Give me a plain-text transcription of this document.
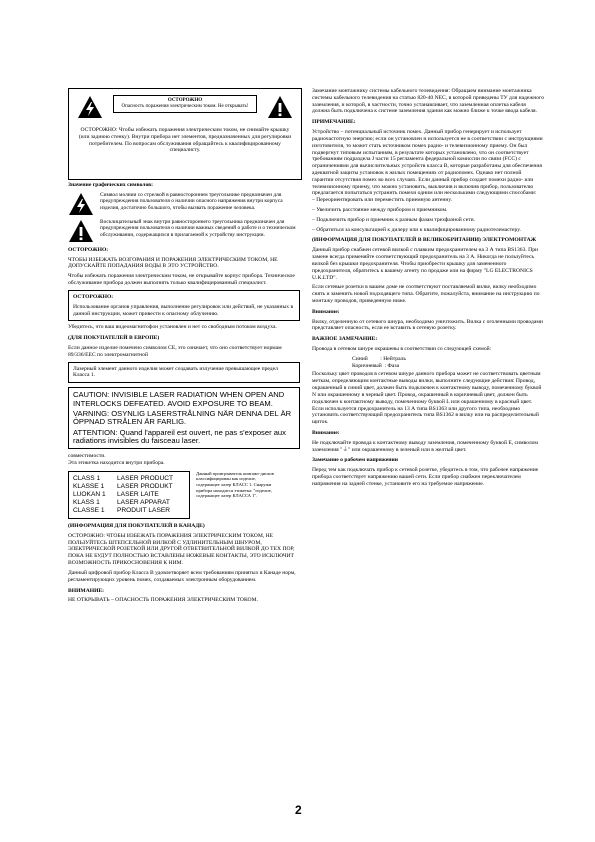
ОСТОРОЖНО
Опасность поражения электрическим током. Не открывать!
ОСТОРОЖНО: Чтобы избежать поражения электрическим током, не снимайте крышку (или заднюю стенку). Внутри прибора нет элементов, предназначенных для регулировки потребителем. По вопросам обслуживания обращайтесь к квалифицированному специалисту.

Значение графических символов:

Символ молнии со стрелкой в равностороннем треугольнике предназначен для предупреждения пользователя о наличии опасного напряжения внутри корпуса изделия, достаточно большого, чтобы вызвать поражение человека.
Восклицательный знак внутри равностороннего треугольника предназначен для предупреждения пользователя о наличии важных сведений о работе и о техническом обслуживании, содержащихся в прилагаемой к устройству инструкции.

ОСТОРОЖНО:

ЧТОБЫ ИЗБЕЖАТЬ ВОЗГОРАНИЯ И ПОРАЖЕНИЯ ЭЛЕКТРИЧЕСКИМ ТОКОМ, НЕ ДОПУСКАЙТЕ ПОПАДАНИЯ ВОДЫ В ЭТО УСТРОЙСТВО.

Чтобы избежать поражения электрическим током, не открывайте корпус прибора. Техническое обслуживание прибора должен выполнять только квалифицированный специалист.

ОСТОРОЖНО:

Использование органов управления, выполнение регулировок или действий, не указанных в данной инструкции, может привести к опасному облучению.

Убедитесь, что ваш видеомагнитофон установлен и нет со свободным потоком воздуха.

(ДЛЯ ПОКУПАТЕЛЕЙ В ЕВРОПЕ)

Если данное изделие помечено символом CE, это означает, что оно соответствует нормам 89/336/EEC по электромагнитной

Лазерный элемент данного изделия может создавать излучение превышающее предел Класса 1.

CAUTION: INVISIBLE LASER RADIATION WHEN OPEN AND INTERLOCKS DEFEATED. AVOID EXPOSURE TO BEAM.

VARNING: OSYNLIG LASERSTRÅLNING NÄR DENNA DEL ÄR ÖPPNAD STRÅLEN ÄR FARLIG.

ATTENTION: Quand l'appareil est ouvert, ne pas s'exposer aux radiations invisibles du faisceau laser.

совместимости.

Эта этикетка находится внутри прибора.

CLASS 1	LASER PRODUCT
KLASSE 1	LASER PRODUKT
LUOKAN 1	LASER LAITE
KLASS 1	LASER APPARAT
CLASSE 1	PRODUIT LASER
Данный проигрыватель компакт-дисков классифицирован как изделие, содержащее лазер КЛАСС 1. Снаружи прибора находится этикетка: "изделие, содержащее лазер КЛАССА 1".

(ИНФОРМАЦИЯ ДЛЯ ПОКУПАТЕЛЕЙ В КАНАДЕ)

ОСТОРОЖНО: ЧТОБЫ ИЗБЕЖАТЬ ПОРАЖЕНИЯ ЭЛЕКТРИЧЕСКИМ ТОКОМ, НЕ ПОЛЬЗУЙТЕСЬ ШТЕПСЕЛЬНОЙ ВИЛКОЙ С УДЛИНИТЕЛЬНЫМ ШНУРОМ, ЭЛЕКТРИЧЕСКОЙ РОЗЕТКОЙ ИЛИ ДРУГОЙ ОТВЕТВИТЕЛЬНОЙ ВИЛКОЙ ДО ТЕХ ПОР, ПОКА НЕ БУДУТ ПОЛНОСТЬЮ ВСТАВЛЕНЫ НОЖЕВЫЕ КОНТАКТЫ, ЭТО ИСКЛЮЧИТ ВОЗМОЖНОСТЬ ПРИКОСНОВЕНИЯ К НИМ.

Данный цифровой прибор Класса В удовлетворяет всем требованиям принятых в Канаде норм, регламентирующих уровень помех, создаваемых электронным оборудованием.

ВНИМАНИЕ:

НЕ ОТКРЫВАТЬ – ОПАСНОСТЬ ПОРАЖЕНИЯ ЭЛЕКТРИЧЕСКИМ ТОКОМ.

Замечание монтажнику системы кабельного телевидения: Обращаем внимание монтажника системы кабельного телевидения на статью 820-40 NEC, в которой приведены ТУ для надежного заземления, и которой, в частности, точно устанавливает, что заземленная оплетка кабеля должна быть подключена к системе заземления здания как можно ближе к точке ввода кабеля.

ПРИМЕЧАНИЕ:

Устройство – потенциальный источник помех. Данный прибор генерирует и использует радиочастотную энергию; если он установлен и используется не в соответствии с инструкциями изготовителя, то может стать источником помех радио- и телевизионному приему. Он был подвергнут типовым испытаниям, в результате которых установлено, что он соответствует требованиям подраздела J части 15 регламента федеральной комиссии по связи (FCC) с ограничениями для вычислительных устройств класса В, которые разработаны для обеспечения адекватной защиты установок в жилых помещениях от радиопомех. Однако нет полной гарантии отсутствия помех во всех случаях. Если данный прибор создает помехи радио- или телевизионному приему, что можно установить, выключив и включив прибор, пользователю предлагается попытаться устранить помехи одним или несколькими следующими способами:

– Переориентировать или переместить приемную антенну.

– Увеличить расстояние между прибором и приемником.

– Подключить прибор и приемник к разным фазам трехфазной сети.

– Обратиться за консультацией к дилеру или к квалифицированному радиотелемастеру.

(ИНФОРМАЦИЯ ДЛЯ ПОКУПАТЕЛЕЙ В ВЕЛИКОБРИТАНИИ) ЭЛЕКТРОМОНТАЖ

Данный прибор снабжен сетевой вилкой с плавким предохранителем на 3 А типа BS1363. При замене всегда применяйте соответствующий предохранитель на 3 А. Никогда не пользуйтесь вилкой без крышки предохранителя. Чтобы приобрести крышку для замененного предохранителя, обратитесь к вашему агенту по продаже или на фирму "LG ELECTRONICS U.K.LTD".

Если сетевые розетки в вашем доме не соответствуют поставляемой вилке, вилку необходимо снять и заменить новой подходящего типа. Обратите, пожалуйста, внимание на инструкцию по монтажу проводов, приведенную ниже.

Внимание:

Вилку, отделенную от сетевого шнура, необходимо уничтожить. Вилка с оголенными проводами представляет опасность, если ее вставить в сетевую розетку.

ВАЖНОЕ ЗАМЕЧАНИЕ:

Провода в сетевом шнуре окрашены в соответствии со следующей схемой:

Синий         : Нейтраль

Коричневый  : Фаза

Поскольку цвет проводов в сетевом шнуре данного прибора может не соответствовать цветным меткам, определяющим контактные выводы вилки, выполните следующие действия: Провод, окрашенный в синий цвет, должен быть подключен к контактному выводу, помеченному буквой N или окрашенному в черный цвет. Провод, окрашенный в коричневый цвет, должен быть подключен к контактному выводу, помеченному буквой L или окрашенному в красный цвет. Если используется предохранитель на 13 А типа BS1363 или другого типа, необходимо установить соответствующий предохранитель типа BS1362 в вилку или на распределительный щиток.

Внимание:

Не подключайте провода к контактному выводу заземления, помеченному буквой E, символом заземления "⏚" или окрашенному в зеленый или в желтый цвет.

Замечание о рабочем напряжении

Перед тем как подключать прибор к сетевой розетке, убедитесь в том, что рабочее напряжение прибора соответствует напряжению вашей сети. Если прибор снабжен переключателем напряжения на задней стенке, установите его на требуемое напряжение.

2
